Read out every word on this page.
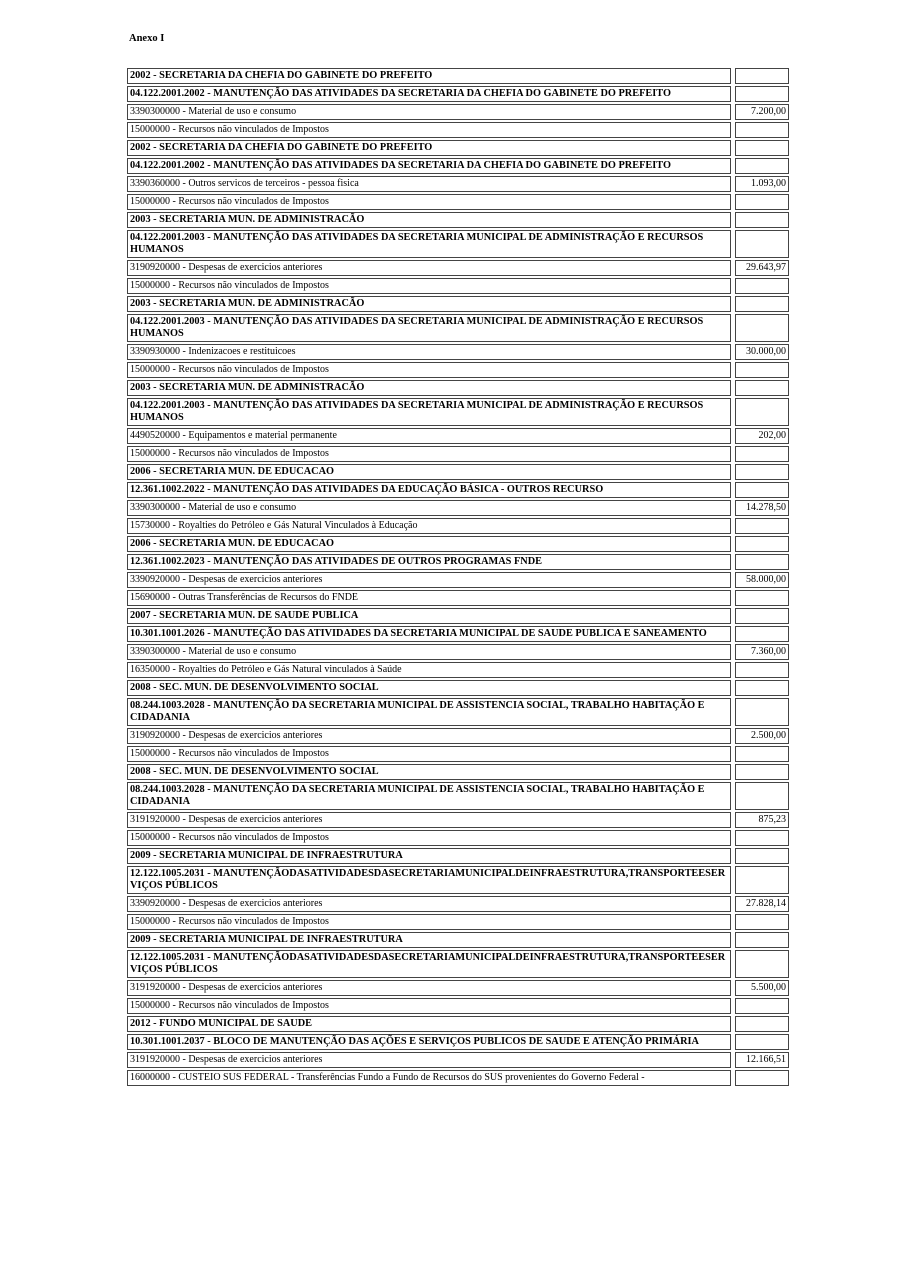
Anexo I
2002 - SECRETARIA DA CHEFIA DO GABINETE DO PREFEITO
04.122.2001.2002 - MANUTENÇÃO DAS ATIVIDADES DA SECRETARIA DA CHEFIA DO GABINETE DO PREFEITO
3390300000 - Material de uso e consumo	7.200,00
15000000 - Recursos não vinculados de Impostos
2002 - SECRETARIA DA CHEFIA DO GABINETE DO PREFEITO
04.122.2001.2002 - MANUTENÇÃO DAS ATIVIDADES DA SECRETARIA DA CHEFIA DO GABINETE DO PREFEITO
3390360000 - Outros servicos de terceiros - pessoa fisica	1.093,00
15000000 - Recursos não vinculados de Impostos
2003 - SECRETARIA MUN. DE ADMINISTRACÃO
04.122.2001.2003 - MANUTENÇÃO DAS ATIVIDADES DA SECRETARIA MUNICIPAL DE ADMINISTRAÇÃO E RECURSOS HUMANOS
3190920000 - Despesas de exercicios anteriores	29.643,97
15000000 - Recursos não vinculados de Impostos
2003 - SECRETARIA MUN. DE ADMINISTRACÃO
04.122.2001.2003 - MANUTENÇÃO DAS ATIVIDADES DA SECRETARIA MUNICIPAL DE ADMINISTRAÇÃO E RECURSOS HUMANOS
3390930000 - Indenizacoes e restituicoes	30.000,00
15000000 - Recursos não vinculados de Impostos
2003 - SECRETARIA MUN. DE ADMINISTRACÃO
04.122.2001.2003 - MANUTENÇÃO DAS ATIVIDADES DA SECRETARIA MUNICIPAL DE ADMINISTRAÇÃO E RECURSOS HUMANOS
4490520000 - Equipamentos e material permanente	202,00
15000000 - Recursos não vinculados de Impostos
2006 - SECRETARIA MUN. DE EDUCACAO
12.361.1002.2022 - MANUTENÇÃO DAS ATIVIDADES DA EDUCAÇÃO BÁSICA - OUTROS RECURSO
3390300000 - Material de uso e consumo	14.278,50
15730000 - Royalties do Petróleo e Gás Natural Vinculados à Educação
2006 - SECRETARIA MUN. DE EDUCACAO
12.361.1002.2023 - MANUTENÇÃO DAS ATIVIDADES DE OUTROS PROGRAMAS FNDE
3390920000 - Despesas de exercicios anteriores	58.000,00
15690000 - Outras Transferências de Recursos do FNDE
2007 - SECRETARIA MUN. DE SAUDE PUBLICA
10.301.1001.2026 - MANUTEÇÃO DAS ATIVIDADES DA SECRETARIA MUNICIPAL DE SAUDE PUBLICA E SANEAMENTO
3390300000 - Material de uso e consumo	7.360,00
16350000 - Royalties do Petróleo e Gás Natural vinculados à Saúde
2008 - SEC. MUN. DE DESENVOLVIMENTO SOCIAL
08.244.1003.2028 - MANUTENÇÃO DA SECRETARIA MUNICIPAL DE ASSISTENCIA SOCIAL, TRABALHO HABITAÇÃO E CIDADANIA
3190920000 - Despesas de exercicios anteriores	2.500,00
15000000 - Recursos não vinculados de Impostos
2008 - SEC. MUN. DE DESENVOLVIMENTO SOCIAL
08.244.1003.2028 - MANUTENÇÃO DA SECRETARIA MUNICIPAL DE ASSISTENCIA SOCIAL, TRABALHO HABITAÇÃO E CIDADANIA
3191920000 - Despesas de exercicios anteriores	875,23
15000000 - Recursos não vinculados de Impostos
2009 - SECRETARIA MUNICIPAL DE INFRAESTRUTURA
12.122.1005.2031 - MANUTENÇÃODASATIVIDADESDASECRETARIAMUNICIPALDEINFRAESTRUTURA,TRANSPORTEESERVIÇOS PÚBLICOS
3390920000 - Despesas de exercicios anteriores	27.828,14
15000000 - Recursos não vinculados de Impostos
2009 - SECRETARIA MUNICIPAL DE INFRAESTRUTURA
12.122.1005.2031 - MANUTENÇÃODASATIVIDADESDASECRETARIAMUNICIPALDEINFRAESTRUTURA,TRANSPORTEESERVIÇOS PÚBLICOS
3191920000 - Despesas de exercicios anteriores	5.500,00
15000000 - Recursos não vinculados de Impostos
2012 - FUNDO MUNICIPAL DE SAUDE
10.301.1001.2037 - BLOCO DE MANUTENÇÃO DAS AÇÕES E SERVIÇOS PUBLICOS DE SAUDE E ATENÇÃO PRIMÁRIA
3191920000 - Despesas de exercicios anteriores	12.166,51
16000000 - CUSTEIO SUS FEDERAL - Transferências Fundo a Fundo de Recursos do SUS provenientes do Governo Federal -
